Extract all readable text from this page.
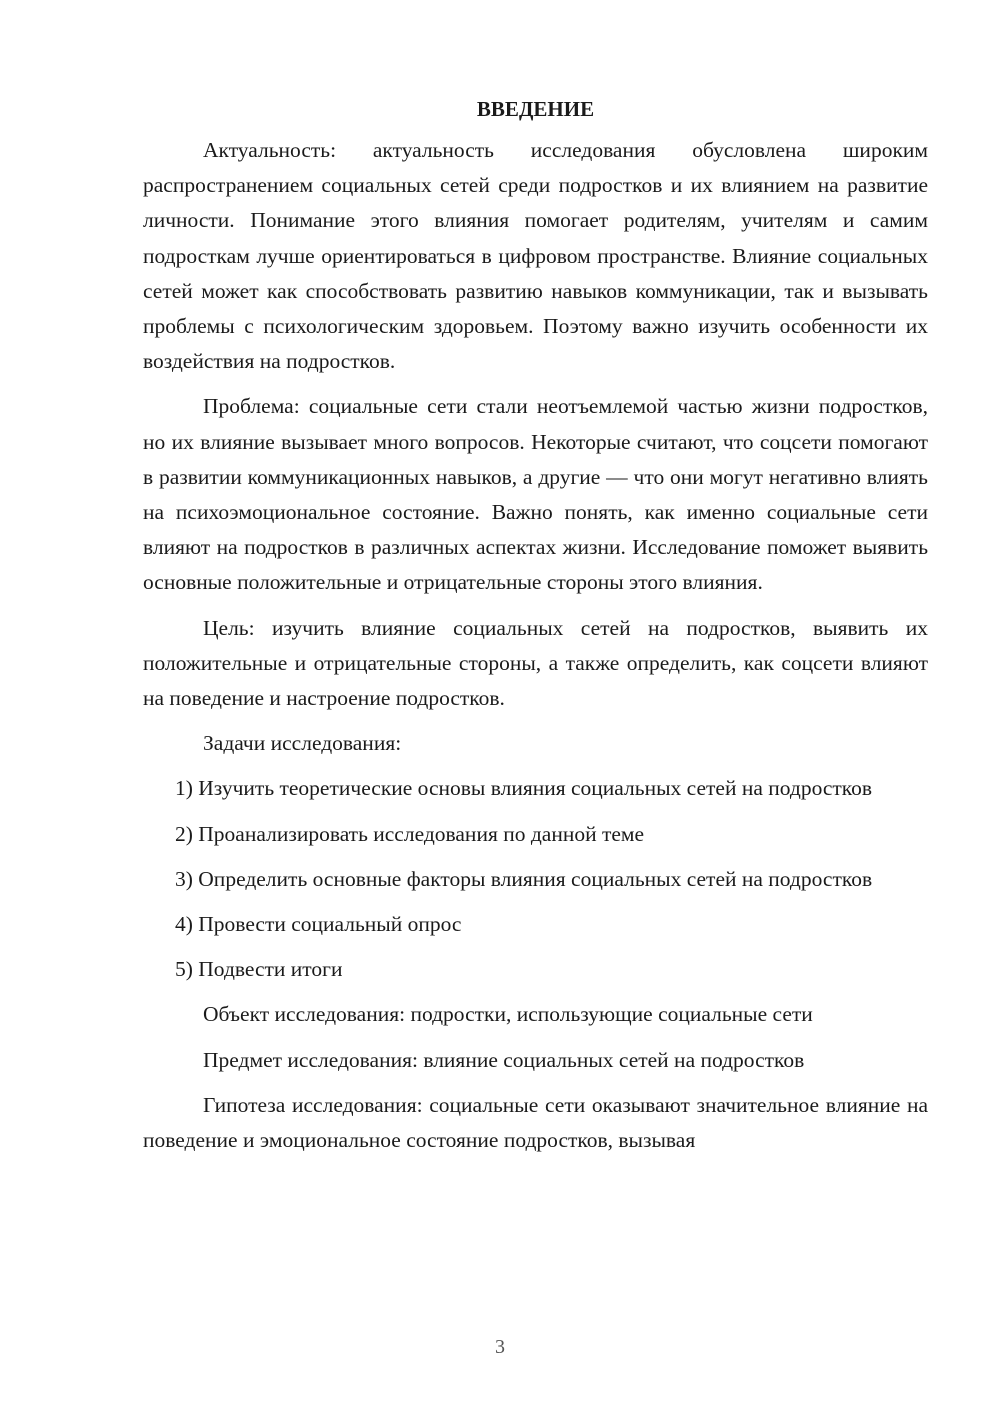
ВВЕДЕНИЕ

Актуальность: актуальность исследования обусловлена широким распространением социальных сетей среди подростков и их влиянием на развитие личности. Понимание этого влияния помогает родителям, учителям и самим подросткам лучше ориентироваться в цифровом пространстве. Влияние социальных сетей может как способствовать развитию навыков коммуникации, так и вызывать проблемы с психологическим здоровьем. Поэтому важно изучить особенности их воздействия на подростков.

Проблема: социальные сети стали неотъемлемой частью жизни подростков, но их влияние вызывает много вопросов. Некоторые считают, что соцсети помогают в развитии коммуникационных навыков, а другие — что они могут негативно влиять на психоэмоциональное состояние. Важно понять, как именно социальные сети влияют на подростков в различных аспектах жизни. Исследование поможет выявить основные положительные и отрицательные стороны этого влияния.

Цель: изучить влияние социальных сетей на подростков, выявить их положительные и отрицательные стороны, а также определить, как соцсети влияют на поведение и настроение подростков.

Задачи исследования:

1) Изучить теоретические основы влияния социальных сетей на подростков

2) Проанализировать исследования по данной теме

3) Определить основные факторы влияния социальных сетей на подростков

4) Провести социальный опрос

5) Подвести итоги

Объект исследования: подростки, использующие социальные сети

Предмет исследования: влияние социальных сетей на подростков

Гипотеза исследования: социальные сети оказывают значительное влияние на поведение и эмоциональное состояние подростков, вызывая

3
